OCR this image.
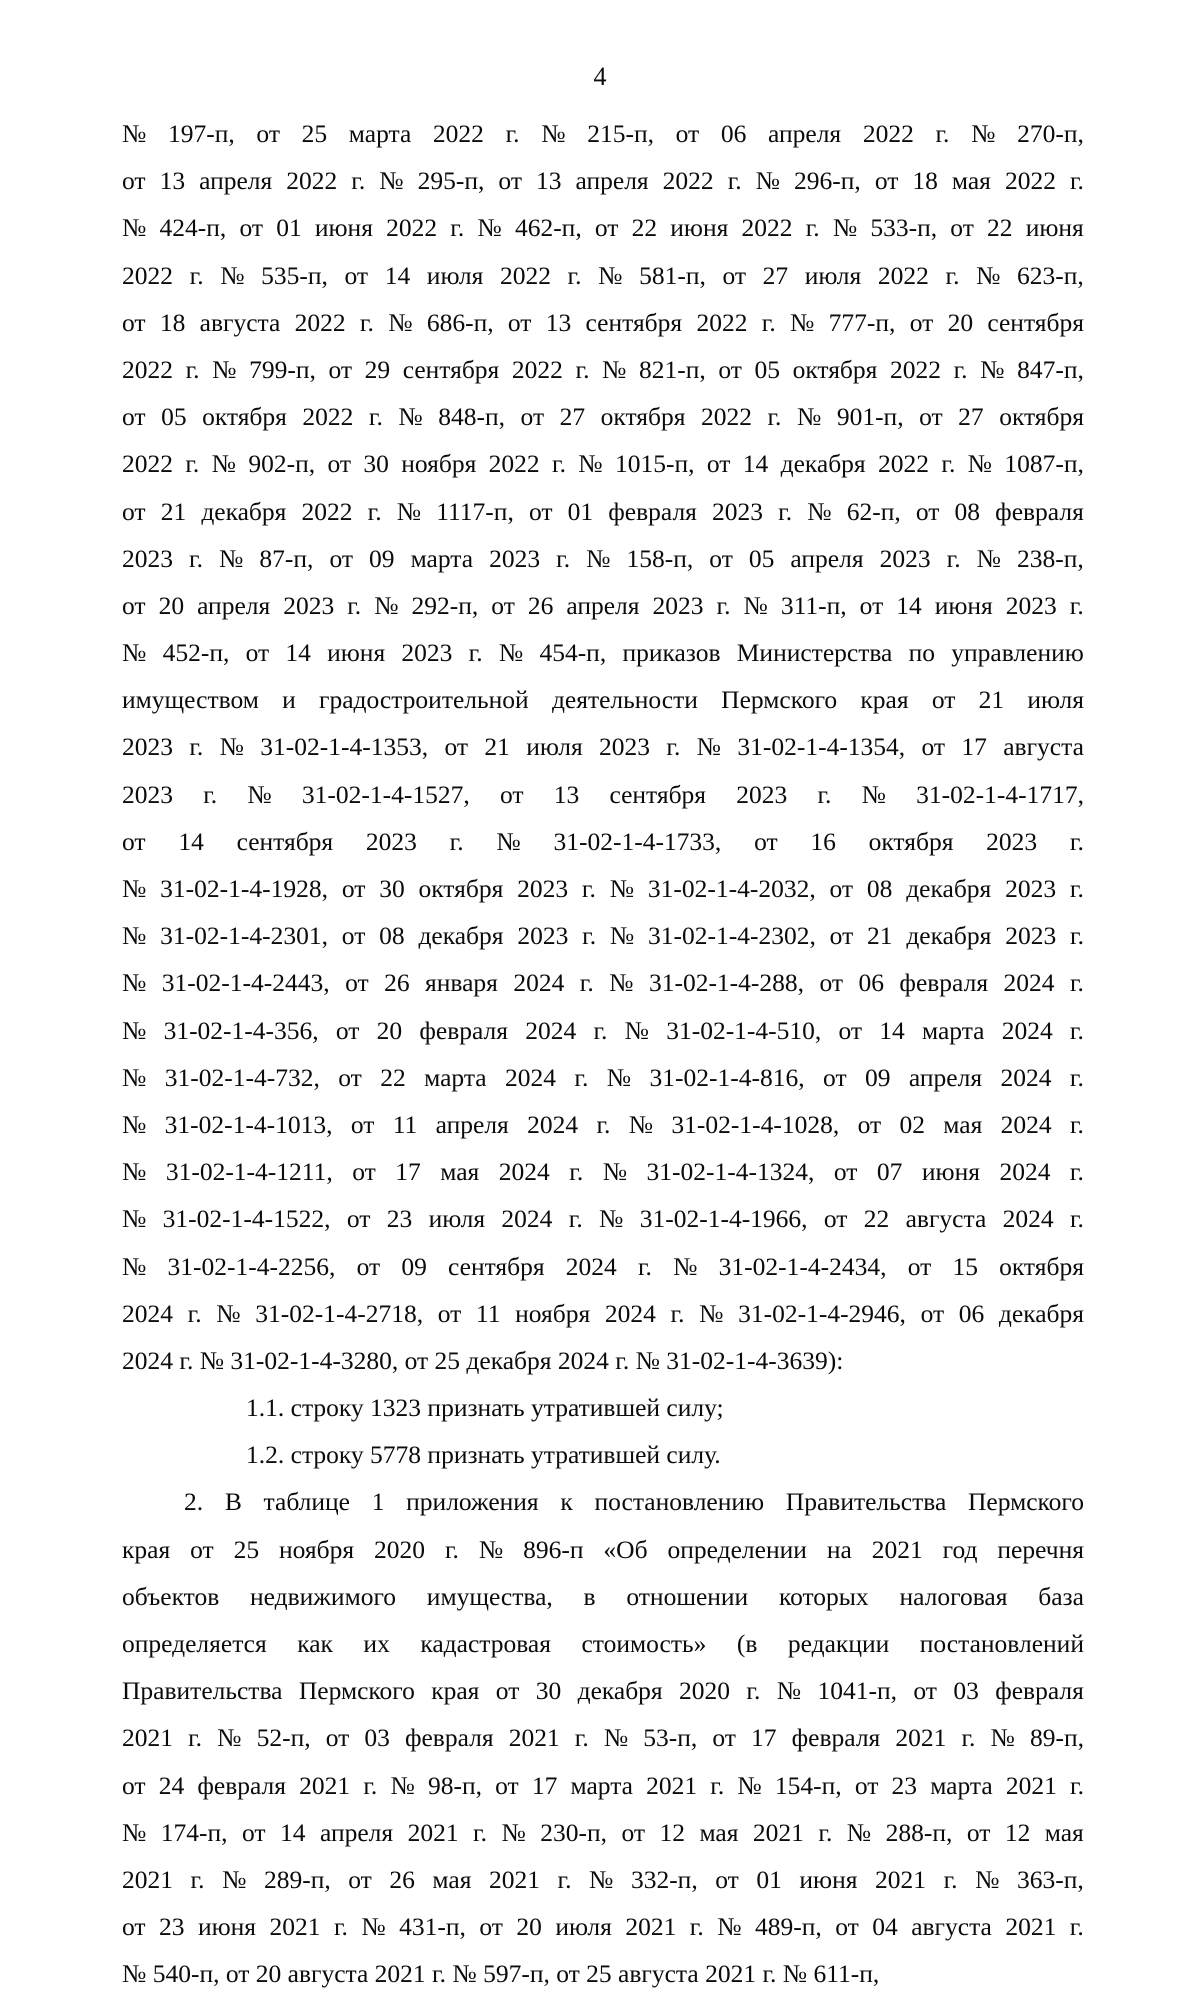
4
№ 197-п, от 25 марта 2022 г. № 215-п, от 06 апреля 2022 г. № 270-п,
от 13 апреля 2022 г. № 295-п, от 13 апреля 2022 г. № 296-п, от 18 мая 2022 г.
№ 424-п, от 01 июня 2022 г. № 462-п, от 22 июня 2022 г. № 533-п, от 22 июня
2022 г. № 535-п, от 14 июля 2022 г. № 581-п, от 27 июля 2022 г. № 623-п,
от 18 августа 2022 г. № 686-п, от 13 сентября 2022 г. № 777-п, от 20 сентября
2022 г. № 799-п, от 29 сентября 2022 г. № 821-п, от 05 октября 2022 г. № 847-п,
от 05 октября 2022 г. № 848-п, от 27 октября 2022 г. № 901-п, от 27 октября
2022 г. № 902-п, от 30 ноября 2022 г. № 1015-п, от 14 декабря 2022 г. № 1087-п,
от 21 декабря 2022 г. № 1117-п, от 01 февраля 2023 г. № 62-п, от 08 февраля
2023 г. № 87-п, от 09 марта 2023 г. № 158-п, от 05 апреля 2023 г. № 238-п,
от 20 апреля 2023 г. № 292-п, от 26 апреля 2023 г. № 311-п, от 14 июня 2023 г.
№ 452-п, от 14 июня 2023 г. № 454-п, приказов Министерства по управлению
имуществом и градостроительной деятельности Пермского края от 21 июля
2023 г. № 31-02-1-4-1353, от 21 июля 2023 г. № 31-02-1-4-1354, от 17 августа
2023 г. № 31-02-1-4-1527, от 13 сентября 2023 г. № 31-02-1-4-1717,
от 14 сентября 2023 г. № 31-02-1-4-1733, от 16 октября 2023 г.
№ 31-02-1-4-1928, от 30 октября 2023 г. № 31-02-1-4-2032, от 08 декабря 2023 г.
№ 31-02-1-4-2301, от 08 декабря 2023 г. № 31-02-1-4-2302, от 21 декабря 2023 г.
№ 31-02-1-4-2443, от 26 января 2024 г. № 31-02-1-4-288, от 06 февраля 2024 г.
№ 31-02-1-4-356, от 20 февраля 2024 г. № 31-02-1-4-510, от 14 марта 2024 г.
№ 31-02-1-4-732, от 22 марта 2024 г. № 31-02-1-4-816, от 09 апреля 2024 г.
№ 31-02-1-4-1013, от 11 апреля 2024 г. № 31-02-1-4-1028, от 02 мая 2024 г.
№ 31-02-1-4-1211, от 17 мая 2024 г. № 31-02-1-4-1324, от 07 июня 2024 г.
№ 31-02-1-4-1522, от 23 июля 2024 г. № 31-02-1-4-1966, от 22 августа 2024 г.
№ 31-02-1-4-2256, от 09 сентября 2024 г. № 31-02-1-4-2434, от 15 октября
2024 г. № 31-02-1-4-2718, от 11 ноября 2024 г. № 31-02-1-4-2946, от 06 декабря
2024 г. № 31-02-1-4-3280, от 25 декабря 2024 г. № 31-02-1-4-3639):
1.1. строку 1323 признать утратившей силу;
1.2. строку 5778 признать утратившей силу.
2. В таблице 1 приложения к постановлению Правительства Пермского
края от 25 ноября 2020 г. № 896-п «Об определении на 2021 год перечня
объектов недвижимого имущества, в отношении которых налоговая база
определяется как их кадастровая стоимость» (в редакции постановлений
Правительства Пермского края от 30 декабря 2020 г. № 1041-п, от 03 февраля
2021 г. № 52-п, от 03 февраля 2021 г. № 53-п, от 17 февраля 2021 г. № 89-п,
от 24 февраля 2021 г. № 98-п, от 17 марта 2021 г. № 154-п, от 23 марта 2021 г.
№ 174-п, от 14 апреля 2021 г. № 230-п, от 12 мая 2021 г. № 288-п, от 12 мая
2021 г. № 289-п, от 26 мая 2021 г. № 332-п, от 01 июня 2021 г. № 363-п,
от 23 июня 2021 г. № 431-п, от 20 июля 2021 г. № 489-п, от 04 августа 2021 г.
№ 540-п, от 20 августа 2021 г. № 597-п, от 25 августа 2021 г. № 611-п,
